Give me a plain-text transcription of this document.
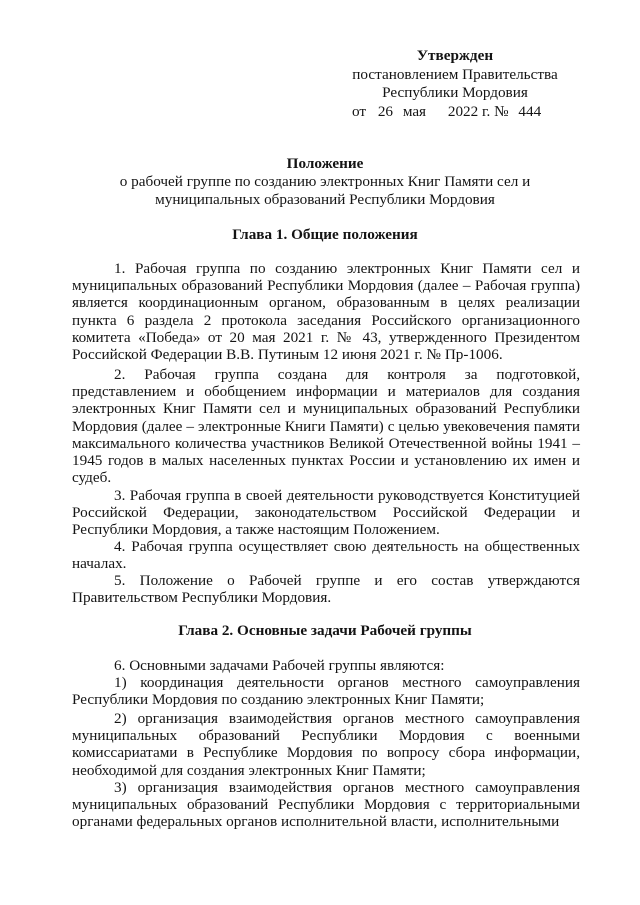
Утвержден
постановлением Правительства
Республики Мордовия
от 26 мая 2022 г. № 444
Положение
о рабочей группе по созданию электронных Книг Памяти сел и муниципальных образований Республики Мордовия
Глава 1. Общие положения
1. Рабочая группа по созданию электронных Книг Памяти сел и муниципальных образований Республики Мордовия (далее – Рабочая группа) является координационным органом, образованным в целях реализации пункта 6 раздела 2 протокола заседания Российского организационного комитета «Победа» от 20 мая 2021 г. № 43, утвержденного Президентом Российской Федерации В.В. Путиным 12 июня 2021 г. № Пр-1006.
2. Рабочая группа создана для контроля за подготовкой, представлением и обобщением информации и материалов для создания электронных Книг Памяти сел и муниципальных образований Республики Мордовия (далее – электронные Книги Памяти) с целью увековечения памяти максимального количества участников Великой Отечественной войны 1941 – 1945 годов в малых населенных пунктах России и установлению их имен и судеб.
3. Рабочая группа в своей деятельности руководствуется Конституцией Российской Федерации, законодательством Российской Федерации и Республики Мордовия, а также настоящим Положением.
4. Рабочая группа осуществляет свою деятельность на общественных началах.
5. Положение о Рабочей группе и его состав утверждаются Правительством Республики Мордовия.
Глава 2. Основные задачи Рабочей группы
6. Основными задачами Рабочей группы являются:
1) координация деятельности органов местного самоуправления Республики Мордовия по созданию электронных Книг Памяти;
2) организация взаимодействия органов местного самоуправления муниципальных образований Республики Мордовия с военными комиссариатами в Республике Мордовия по вопросу сбора информации, необходимой для создания электронных Книг Памяти;
3) организация взаимодействия органов местного самоуправления муниципальных образований Республики Мордовия с территориальными органами федеральных органов исполнительной власти, исполнительными
